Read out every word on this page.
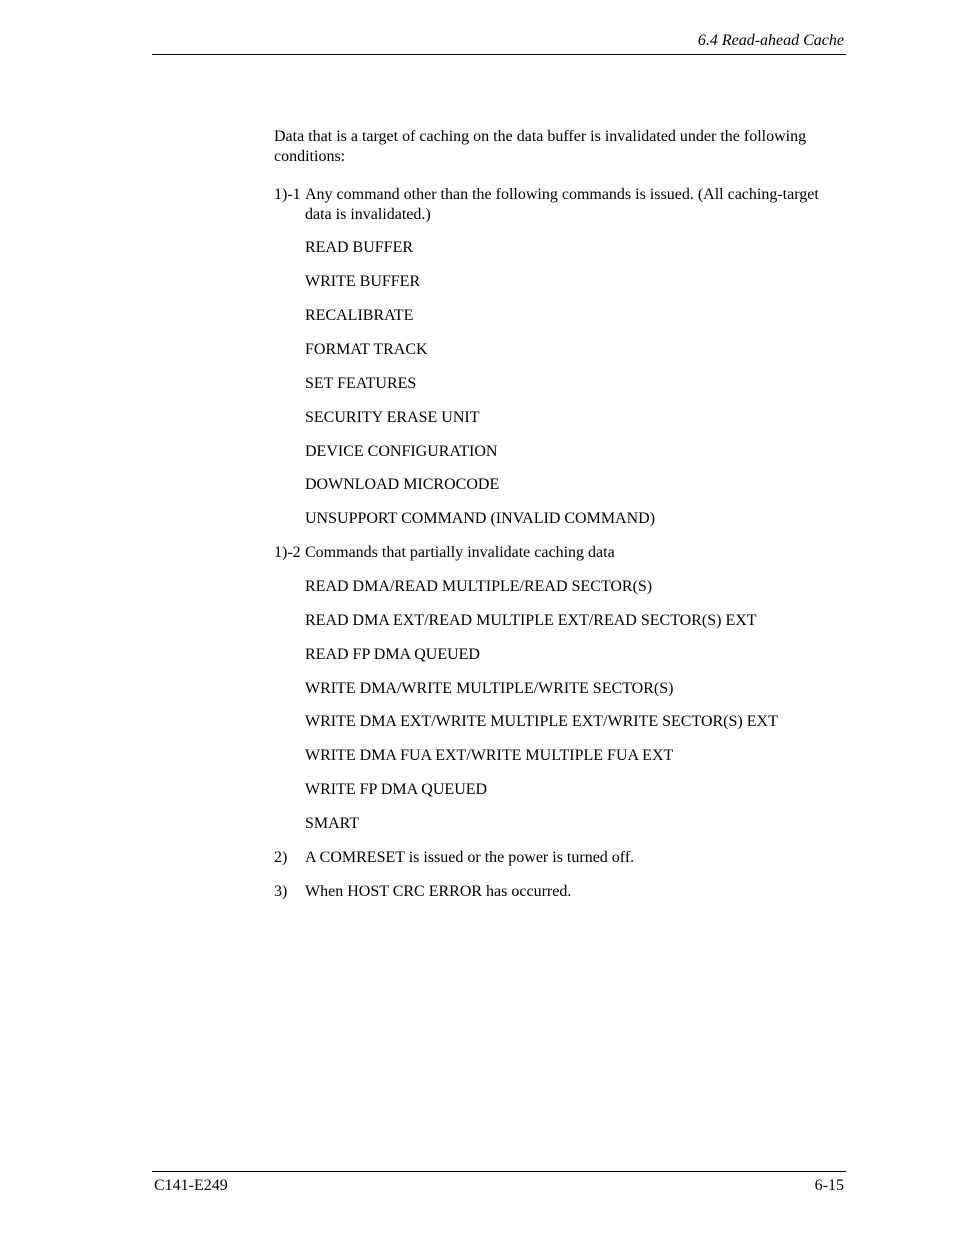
6.4 Read-ahead Cache
Data that is a target of caching on the data buffer is invalidated under the following conditions:
1)-1 Any command other than the following commands is issued. (All caching-target data is invalidated.)
READ BUFFER
WRITE BUFFER
RECALIBRATE
FORMAT TRACK
SET FEATURES
SECURITY ERASE UNIT
DEVICE CONFIGURATION
DOWNLOAD MICROCODE
UNSUPPORT COMMAND (INVALID COMMAND)
1)-2 Commands that partially invalidate caching data
READ DMA/READ MULTIPLE/READ SECTOR(S)
READ DMA EXT/READ MULTIPLE EXT/READ SECTOR(S) EXT
READ FP DMA QUEUED
WRITE DMA/WRITE MULTIPLE/WRITE SECTOR(S)
WRITE DMA EXT/WRITE MULTIPLE EXT/WRITE SECTOR(S) EXT
WRITE DMA FUA EXT/WRITE MULTIPLE FUA EXT
WRITE FP DMA QUEUED
SMART
2) A COMRESET is issued or the power is turned off.
3) When HOST CRC ERROR has occurred.
C141-E249	6-15
